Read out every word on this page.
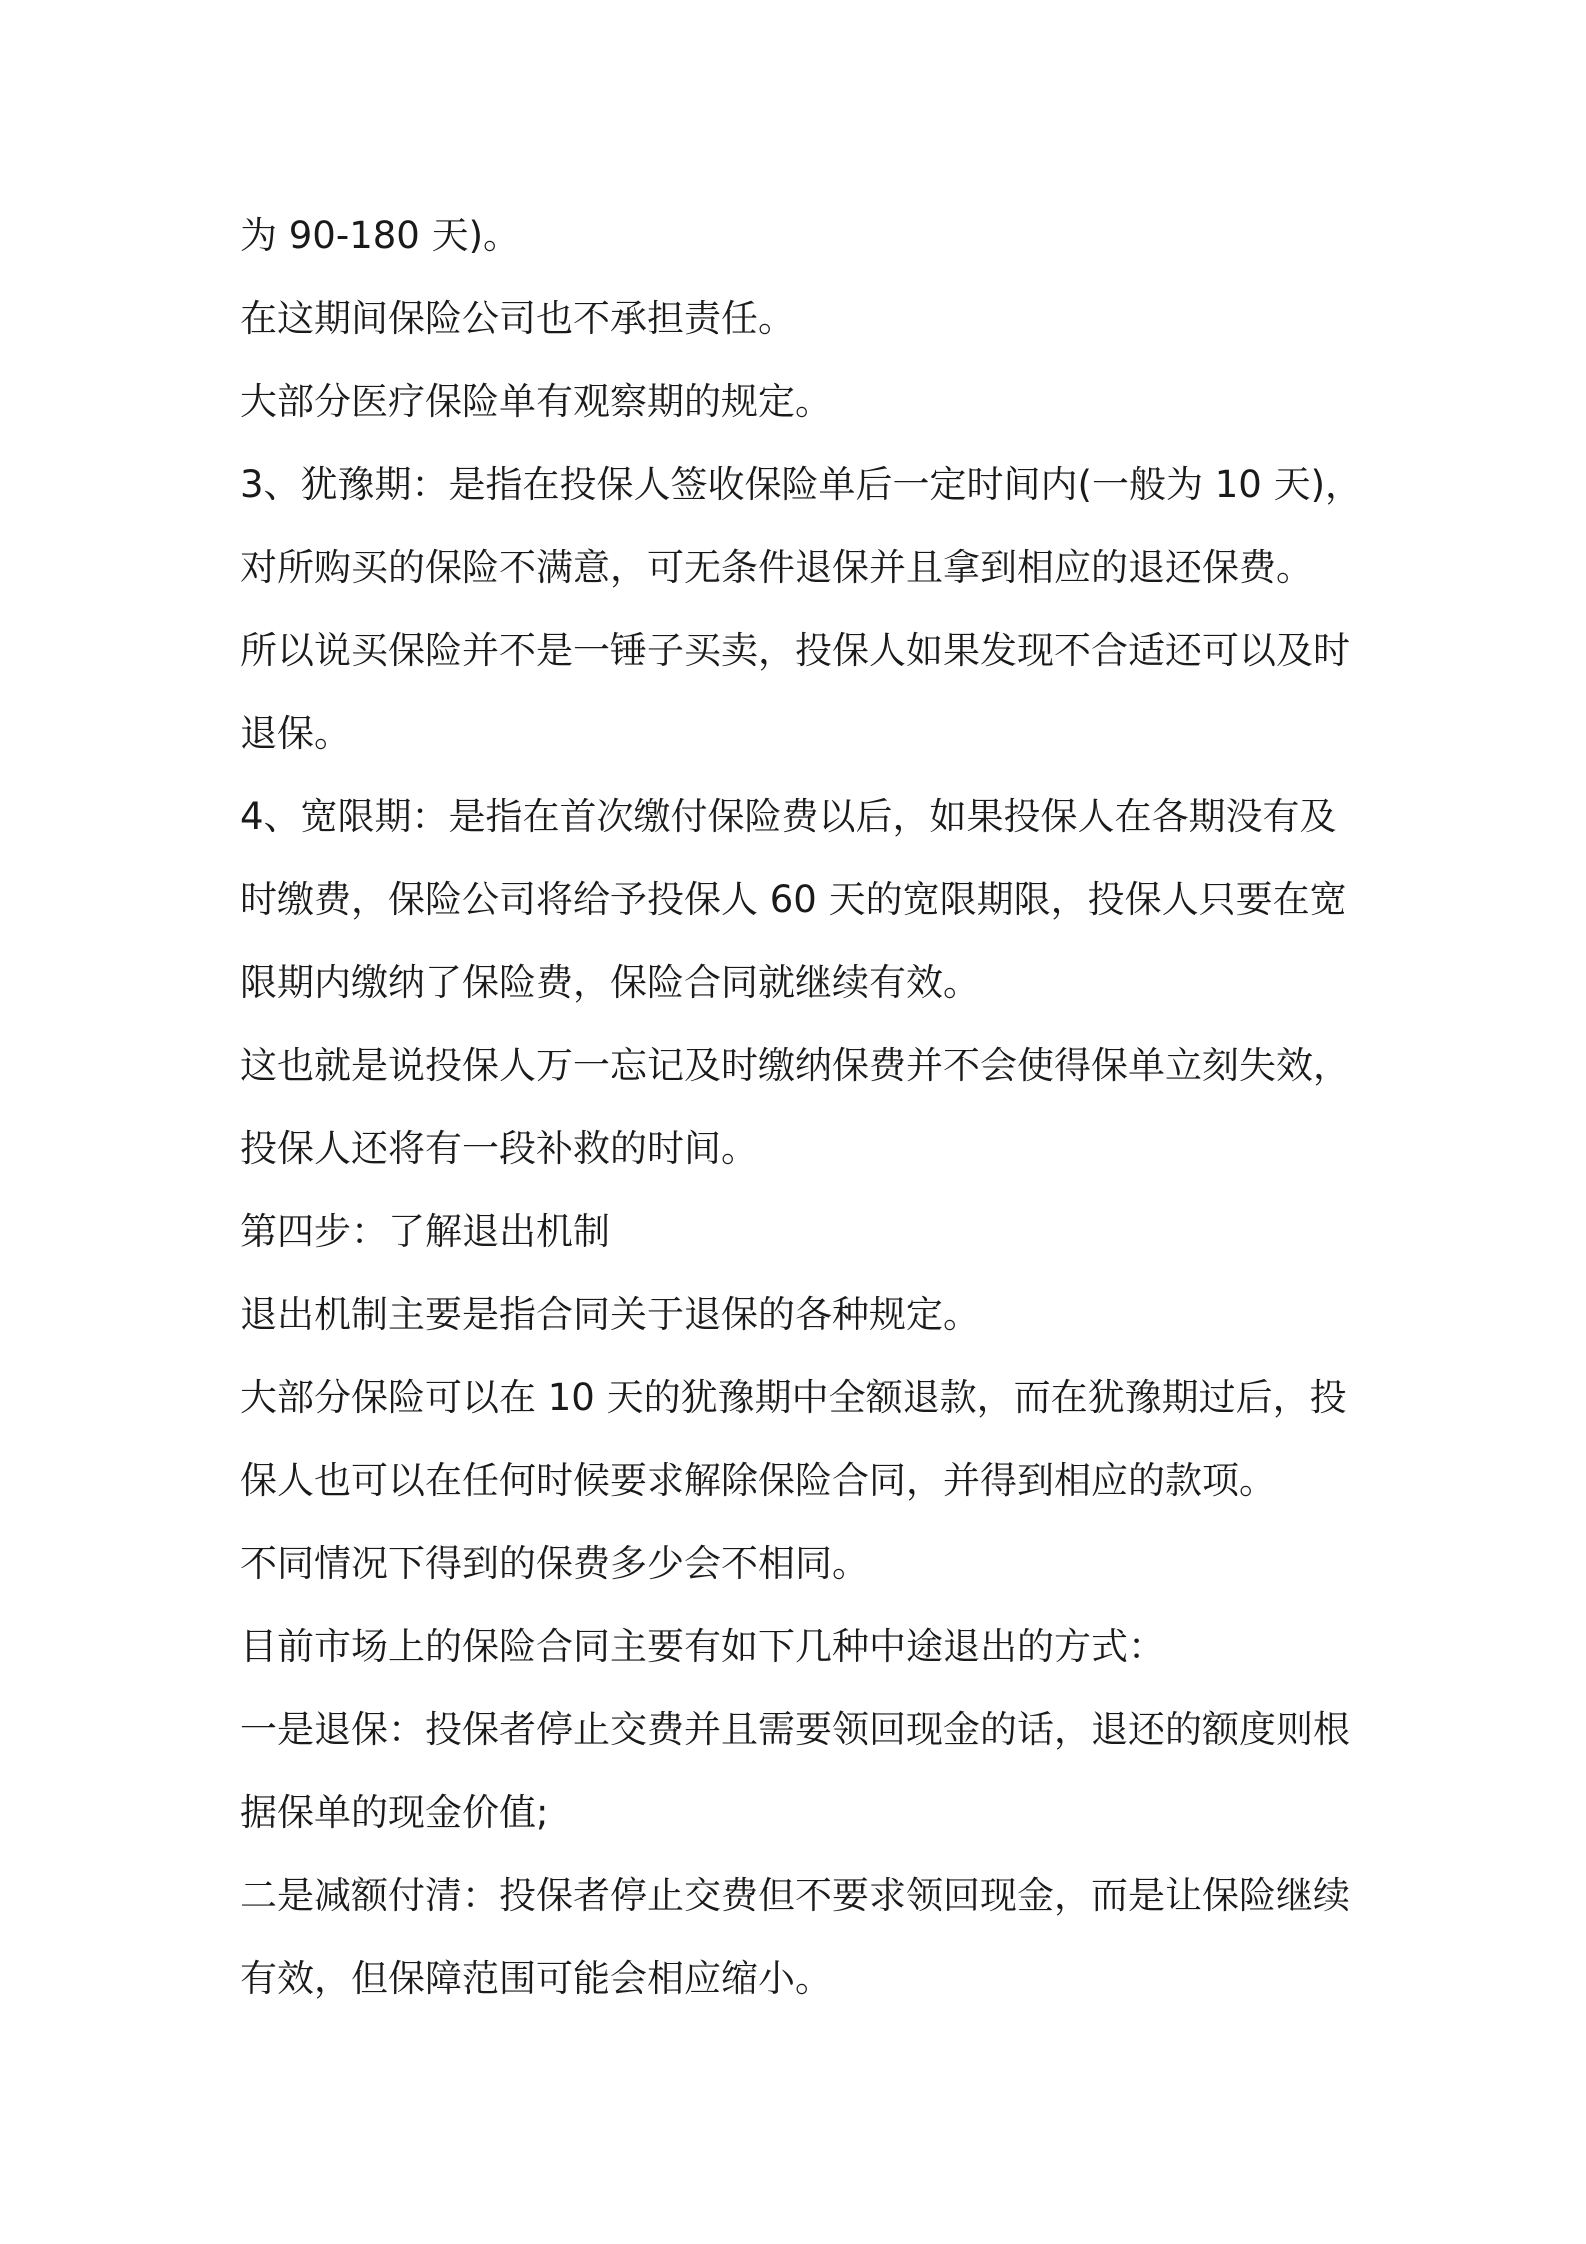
为 90-180 天)。

在这期间保险公司也不承担责任。

大部分医疗保险单有观察期的规定。

3、犹豫期：是指在投保人签收保险单后一定时间内(一般为 10 天)，
对所购买的保险不满意，可无条件退保并且拿到相应的退还保费。

所以说买保险并不是一锤子买卖，投保人如果发现不合适还可以及时
退保。

4、宽限期：是指在首次缴付保险费以后，如果投保人在各期没有及
时缴费，保险公司将给予投保人 60 天的宽限期限，投保人只要在宽
限期内缴纳了保险费，保险合同就继续有效。

这也就是说投保人万一忘记及时缴纳保费并不会使得保单立刻失效，
投保人还将有一段补救的时间。

第四步：了解退出机制

退出机制主要是指合同关于退保的各种规定。

大部分保险可以在 10 天的犹豫期中全额退款，而在犹豫期过后，投
保人也可以在任何时候要求解除保险合同，并得到相应的款项。

不同情况下得到的保费多少会不相同。

目前市场上的保险合同主要有如下几种中途退出的方式：

一是退保：投保者停止交费并且需要领回现金的话，退还的额度则根
据保单的现金价值;

二是减额付清：投保者停止交费但不要求领回现金，而是让保险继续
有效，但保障范围可能会相应缩小。
